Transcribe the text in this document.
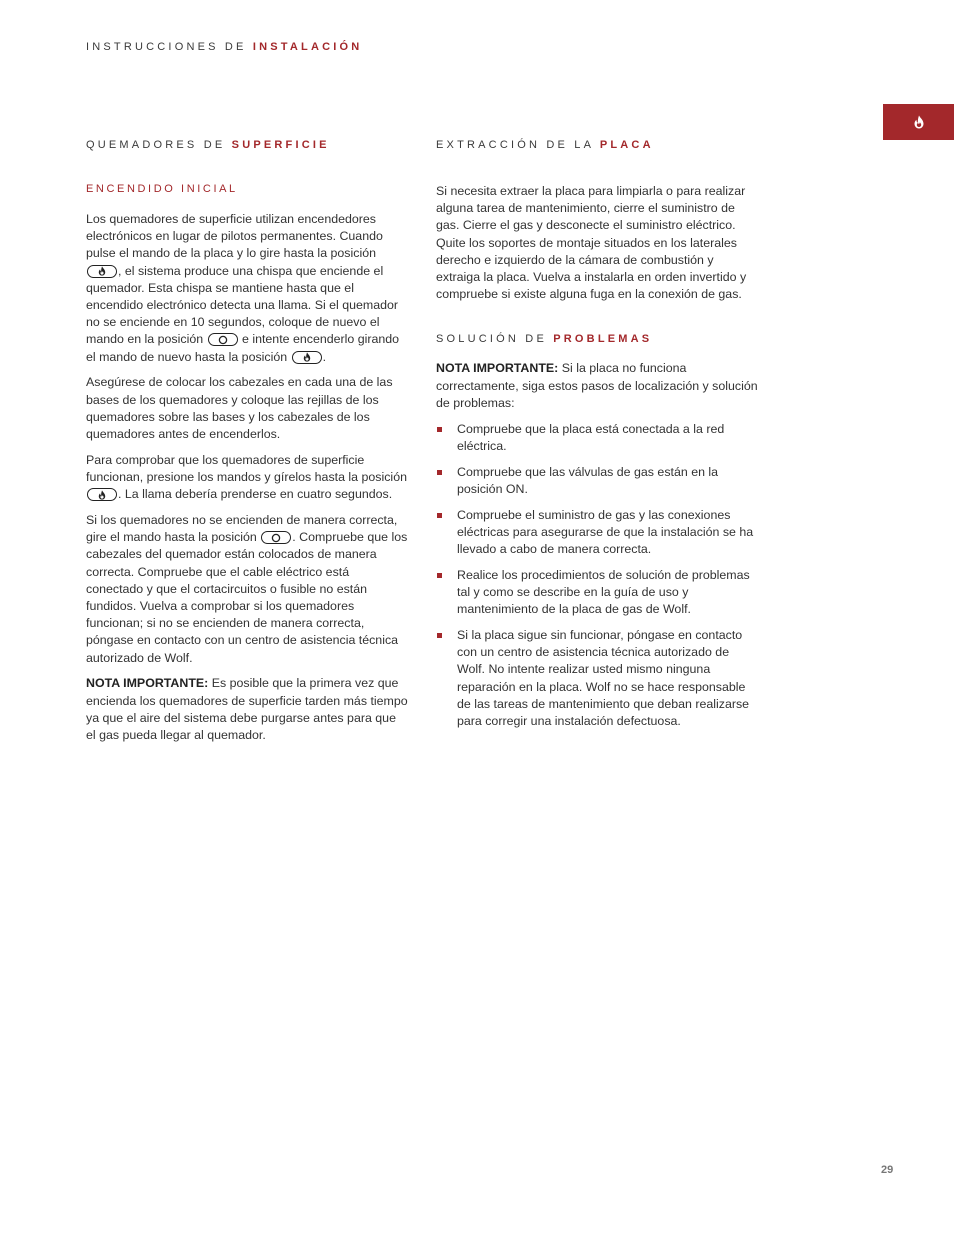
INSTRUCCIONES DE INSTALACIÓN
QUEMADORES DE SUPERFICIE
ENCENDIDO INICIAL

Los quemadores de superficie utilizan encendedores electrónicos en lugar de pilotos permanentes. Cuando pulse el mando de la placa y lo gire hasta la posición
, el sistema produce una chispa que enciende el quemador. Esta chispa se mantiene hasta que el encendido electrónico detecta una llama. Si el quemador no se enciende en 10 segundos, coloque de nuevo el mando en la posición	e intente encenderlo girando el mando de nuevo hasta la posición	.

Asegúrese de colocar los cabezales en cada una de las bases de los quemadores y coloque las rejillas de los quemadores sobre las bases y los cabezales de los quemadores antes de encenderlos.

Para comprobar que los quemadores de superficie funcionan, presione los mandos y gírelos hasta la posición
. La llama debería prenderse en cuatro segundos.

Si los quemadores no se encienden de manera correcta, gire el mando hasta la posición	. Compruebe que los cabezales del quemador están colocados de manera correcta. Compruebe que el cable eléctrico está conectado y que el cortacircuitos o fusible no están fundidos. Vuelva a comprobar si los quemadores funcionan; si no se encienden de manera correcta, póngase en contacto con un centro de asistencia técnica autorizado de Wolf.

NOTA IMPORTANTE: Es posible que la primera vez que encienda los quemadores de superficie tarden más tiempo ya que el aire del sistema debe purgarse antes para que el gas pueda llegar al quemador.

EXTRACCIÓN DE LA PLACA

Si necesita extraer la placa para limpiarla o para realizar alguna tarea de mantenimiento, cierre el suministro de gas. Cierre el gas y desconecte el suministro eléctrico. Quite los soportes de montaje situados en los laterales derecho e izquierdo de la cámara de combustión y extraiga la placa. Vuelva a instalarla en orden invertido y compruebe si existe alguna fuga en la conexión de gas.

SOLUCIÓN DE PROBLEMAS

NOTA IMPORTANTE: Si la placa no funciona correctamente, siga estos pasos de localización y solución de problemas:

Compruebe que la placa está conectada a la red eléctrica.
Compruebe que las válvulas de gas están en la posición ON.
Compruebe el suministro de gas y las conexiones eléctricas para asegurarse de que la instalación se ha llevado a cabo de manera correcta.
Realice los procedimientos de solución de problemas tal y como se describe en la guía de uso y mantenimiento de la placa de gas de Wolf.
Si la placa sigue sin funcionar, póngase en contacto con un centro de asistencia técnica autorizado de Wolf. No intente realizar usted mismo ninguna reparación en la placa. Wolf no se hace responsable de las tareas de mantenimiento que deban realizarse para corregir una instalación defectuosa.
29
